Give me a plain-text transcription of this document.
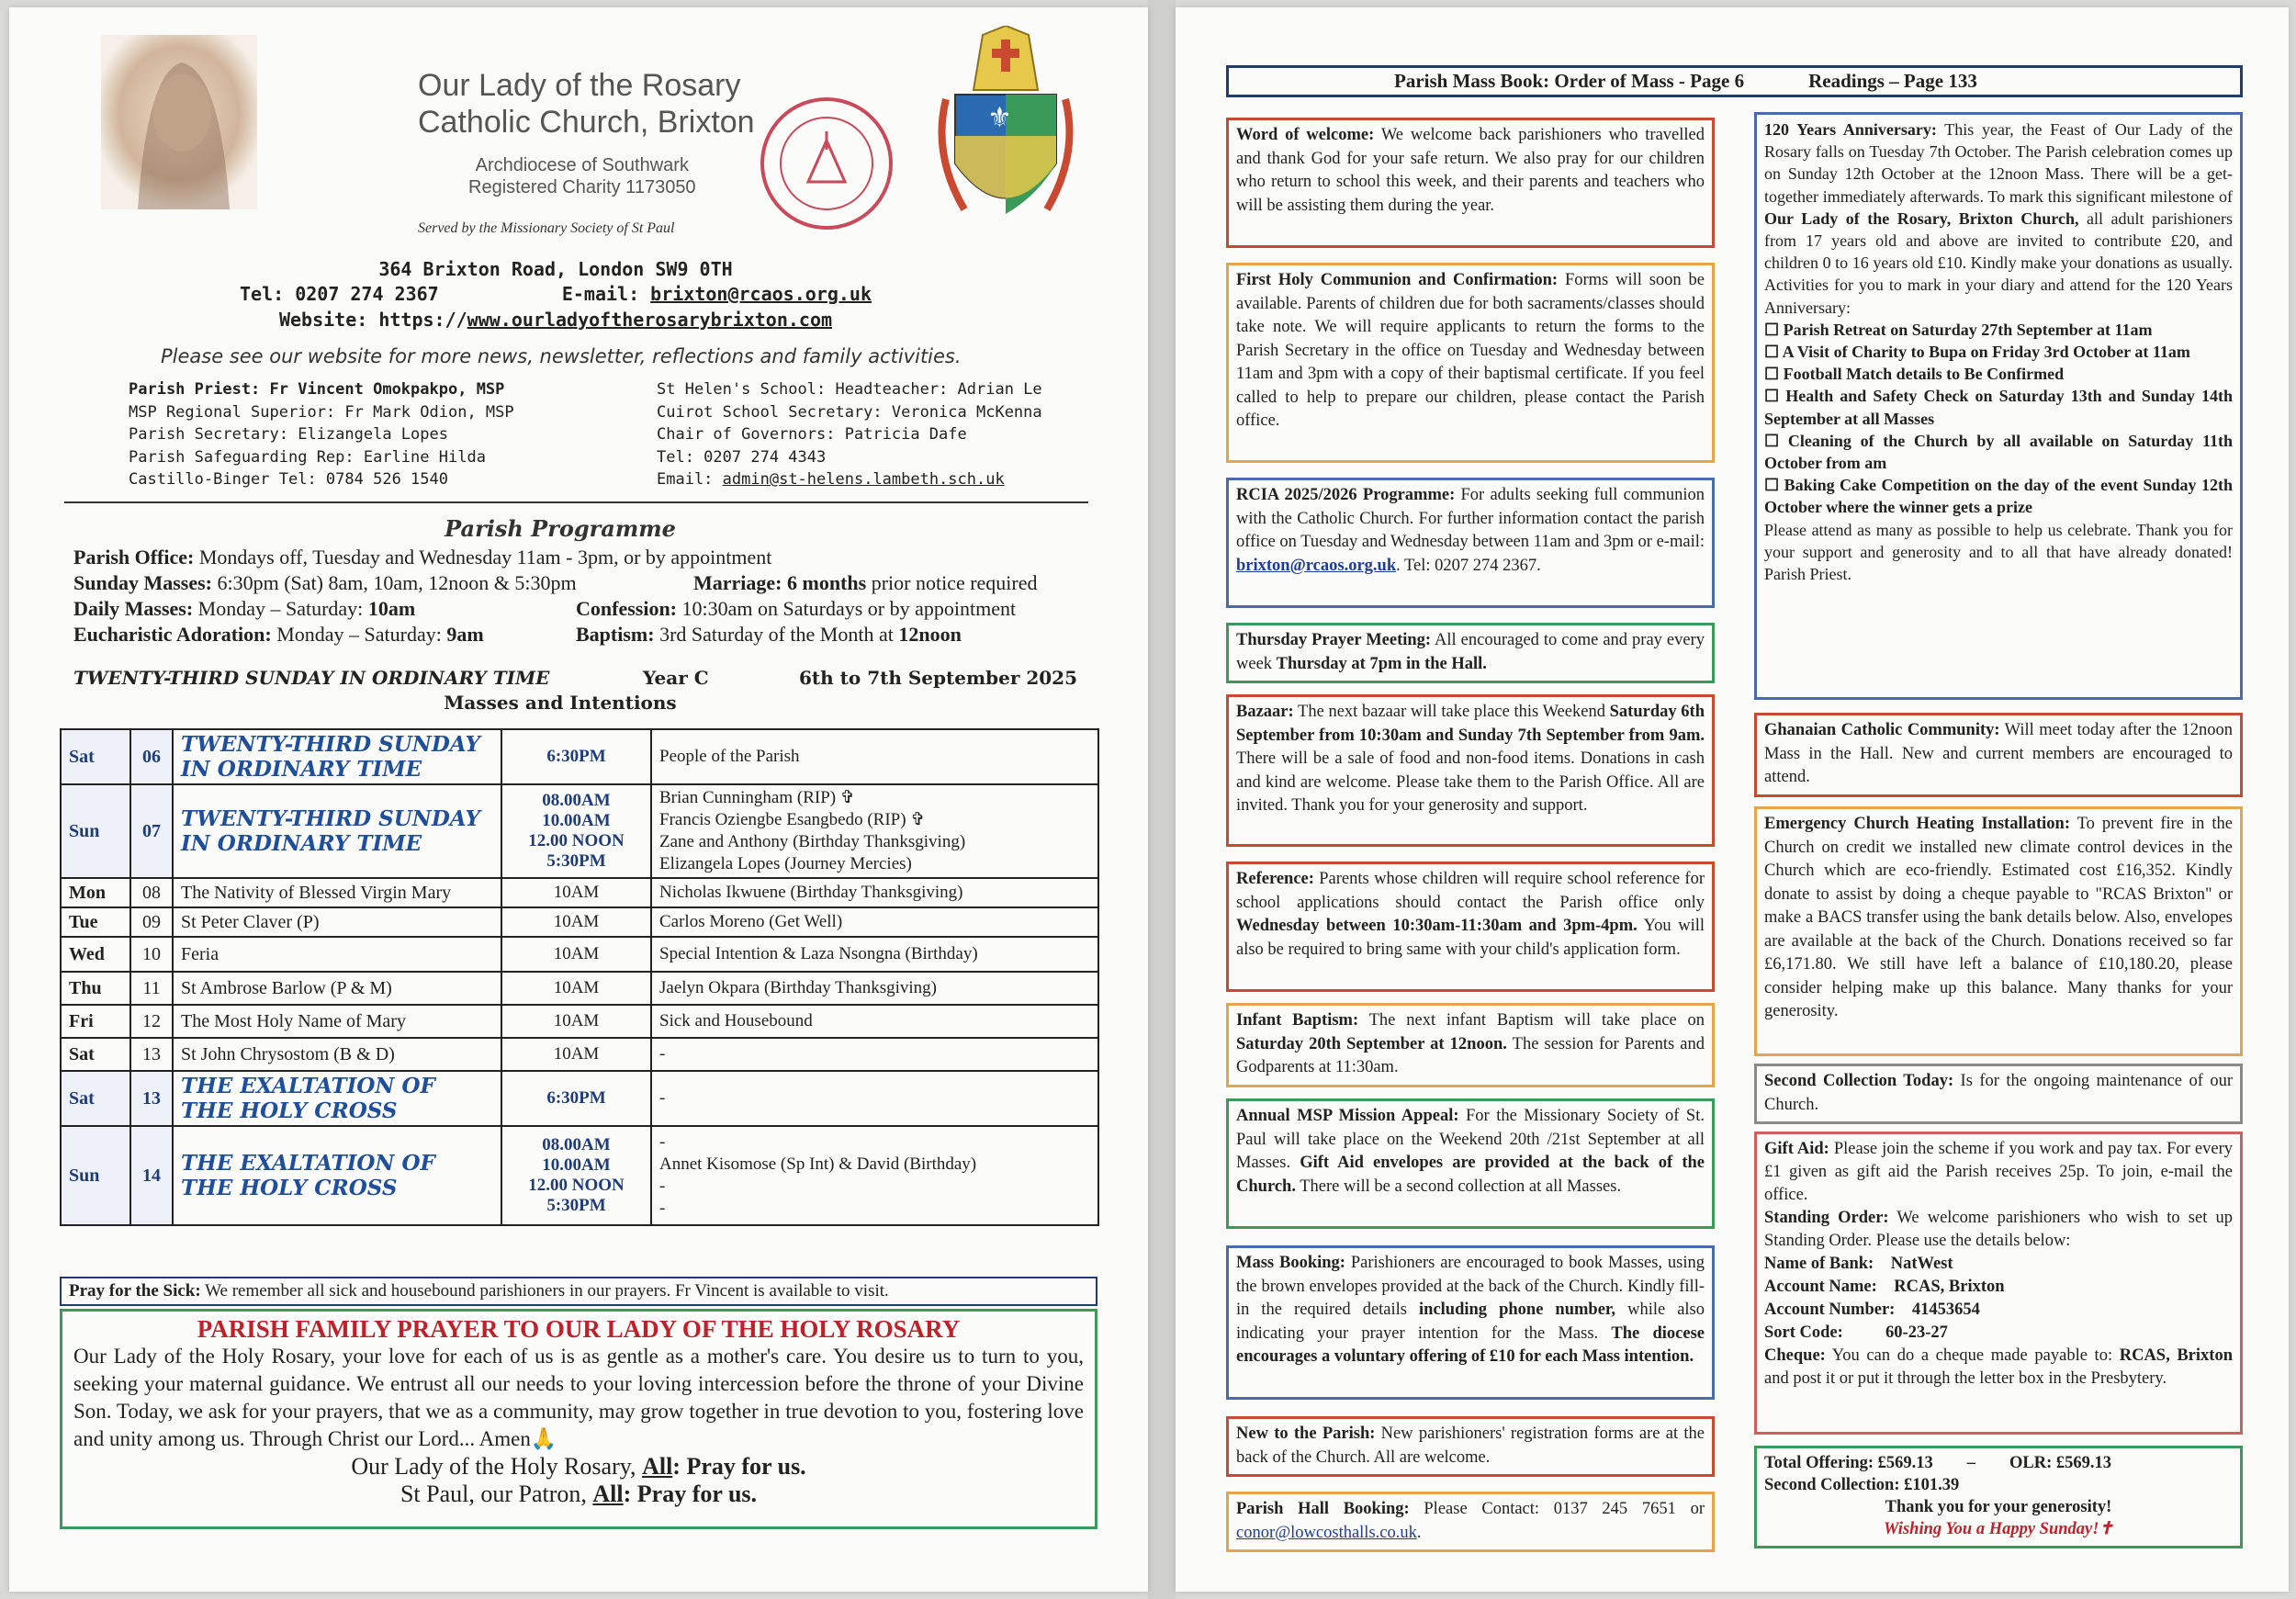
Our Lady of the Rosary
Catholic Church, Brixton
Archdiocese of Southwark
Registered Charity 1173050
Served by the Missionary Society of St Paul
⚜
364 Brixton Road, London SW9 0TH
Tel: 0207 274 2367	E-mail: brixton@rcaos.org.uk
Website: https://www.ourladyoftherosarybrixton.com
Please see our website for more news, newsletter, reflections and family activities.
Parish Priest: Fr Vincent Omokpakpo, MSP
MSP Regional Superior: Fr Mark Odion, MSP
Parish Secretary: Elizangela Lopes
Parish Safeguarding Rep: Earline Hilda
Castillo-Binger Tel: 0784 526 1540
St Helen's School: Headteacher: Adrian Le
Cuirot School Secretary: Veronica McKenna
Chair of Governors: Patricia Dafe
Tel: 0207 274 4343
Email: admin@st-helens.lambeth.sch.uk
Parish Programme
Parish Office: Mondays off, Tuesday and Wednesday 11am - 3pm, or by appointment
Sunday Masses: 6:30pm (Sat) 8am, 10am, 12noon & 5:30pm	Marriage: 6 months prior notice required
Daily Masses: Monday – Saturday: 10am	Confession: 10:30am on Saturdays or by appointment
Eucharistic Adoration: Monday – Saturday: 9am	Baptism: 3rd Saturday of the Month at 12noon
TWENTY-THIRD SUNDAY IN ORDINARY TIME	Year C	6th to 7th September 2025
Masses and Intentions
Sat	06	TWENTY-THIRD SUNDAY IN ORDINARY TIME	6:30PM	People of the Parish
Sun	07	TWENTY-THIRD SUNDAY IN ORDINARY TIME	08.00AM
10.00AM
12.00 NOON
5:30PM	Brian Cunningham (RIP) ✞
Francis Oziengbe Esangbedo (RIP) ✞
Zane and Anthony (Birthday Thanksgiving)
Elizangela Lopes (Journey Mercies)

Mon	08	The Nativity of Blessed Virgin Mary	10AM	Nicholas Ikwuene (Birthday Thanksgiving)
Tue	09	St Peter Claver (P)	10AM	Carlos Moreno (Get Well)
Wed	10	Feria	10AM	Special Intention & Laza Nsongna (Birthday)
Thu	11	St Ambrose Barlow (P & M)	10AM	Jaelyn Okpara (Birthday Thanksgiving)
Fri	12	The Most Holy Name of Mary	10AM	Sick and Housebound
Sat	13	St John Chrysostom (B & D)	10AM	-
Sat	13	THE EXALTATION OF THE HOLY CROSS	6:30PM	-
Sun	14	THE EXALTATION OF THE HOLY CROSS	08.00AM
10.00AM
12.00 NOON
5:30PM	-
Annet Kisomose (Sp Int) & David (Birthday)
-
-
Pray for the Sick: We remember all sick and housebound parishioners in our prayers. Fr Vincent is available to visit.
PARISH FAMILY PRAYER TO OUR LADY OF THE HOLY ROSARY
Our Lady of the Holy Rosary, your love for each of us is as gentle as a mother's care. You desire us to turn to you, seeking your maternal guidance. We entrust all our needs to your loving intercession before the throne of your Divine Son. Today, we ask for your prayers, that we as a community, may grow together in true devotion to you, fostering love and unity among us. Through Christ our Lord... Amen🙏
Our Lady of the Holy Rosary, All: Pray for us.
St Paul, our Patron, All: Pray for us.
Parish Mass Book: Order of Mass - Page 6	Readings – Page 133
Word of welcome: We welcome back parishioners who travelled and thank God for your safe return. We also pray for our children who return to school this week, and their parents and teachers who will be assisting them during the year.
First Holy Communion and Confirmation: Forms will soon be available. Parents of children due for both sacraments/classes should take note. We will require applicants to return the forms to the Parish Secretary in the office on Tuesday and Wednesday between 11am and 3pm with a copy of their baptismal certificate. If you feel called to help to prepare our children, please contact the Parish office.
RCIA 2025/2026 Programme: For adults seeking full communion with the Catholic Church. For further information contact the parish office on Tuesday and Wednesday between 11am and 3pm or e-mail: brixton@rcaos.org.uk. Tel: 0207 274 2367.
Thursday Prayer Meeting: All encouraged to come and pray every week Thursday at 7pm in the Hall.
Bazaar: The next bazaar will take place this Weekend Saturday 6th September from 10:30am and Sunday 7th September from 9am. There will be a sale of food and non-food items. Donations in cash and kind are welcome. Please take them to the Parish Office. All are invited. Thank you for your generosity and support.
Reference: Parents whose children will require school reference for school applications should contact the Parish office only Wednesday between 10:30am-11:30am and 3pm-4pm. You will also be required to bring same with your child's application form.
Infant Baptism: The next infant Baptism will take place on Saturday 20th September at 12noon. The session for Parents and Godparents at 11:30am.
Annual MSP Mission Appeal: For the Missionary Society of St. Paul will take place on the Weekend 20th /21st September at all Masses. Gift Aid envelopes are provided at the back of the Church. There will be a second collection at all Masses.
Mass Booking: Parishioners are encouraged to book Masses, using the brown envelopes provided at the back of the Church. Kindly fill-in the required details including phone number, while also indicating your prayer intention for the Mass. The diocese encourages a voluntary offering of £10 for each Mass intention.
New to the Parish: New parishioners' registration forms are at the back of the Church. All are welcome.
Parish Hall Booking: Please Contact: 0137 245 7651 or conor@lowcosthalls.co.uk.
120 Years Anniversary: This year, the Feast of Our Lady of the Rosary falls on Tuesday 7th October. The Parish celebration comes up on Sunday 12th October at the 12noon Mass. There will be a get-together immediately afterwards. To mark this significant milestone of Our Lady of the Rosary, Brixton Church, all adult parishioners from 17 years old and above are invited to contribute £20, and children 0 to 16 years old £10. Kindly make your donations as usually. Activities for you to mark in your diary and attend for the 120 Years Anniversary:
☐ Parish Retreat on Saturday 27th September at 11am
☐ A Visit of Charity to Bupa on Friday 3rd October at 11am
☐ Football Match details to Be Confirmed
☐ Health and Safety Check on Saturday 13th and Sunday 14th September at all Masses
☐ Cleaning of the Church by all available on Saturday 11th October from am
☐ Baking Cake Competition on the day of the event Sunday 12th October where the winner gets a prize
Please attend as many as possible to help us celebrate. Thank you for your support and generosity and to all that have already donated! Parish Priest.
Ghanaian Catholic Community: Will meet today after the 12noon Mass in the Hall. New and current members are encouraged to attend.
Emergency Church Heating Installation: To prevent fire in the Church on credit we installed new climate control devices in the Church which are eco-friendly. Estimated cost £16,352. Kindly donate to assist by doing a cheque payable to "RCAS Brixton" or make a BACS transfer using the bank details below. Also, envelopes are available at the back of the Church. Donations received so far £6,171.80. We still have left a balance of £10,180.20, please consider helping make up this balance. Many thanks for your generosity.
Second Collection Today: Is for the ongoing maintenance of our Church.
Gift Aid: Please join the scheme if you work and pay tax. For every £1 given as gift aid the Parish receives 25p. To join, e-mail the office.
Standing Order: We welcome parishioners who wish to set up Standing Order. Please use the details below:
Name of Bank:    NatWest
Account Name:    RCAS, Brixton
Account Number:    41453654
Sort Code:          60-23-27
Cheque: You can do a cheque made payable to: RCAS, Brixton and post it or put it through the letter box in the Presbytery.
Total Offering: £569.13        –        OLR: £569.13
Second Collection: £101.39
Thank you for your generosity!
Wishing You a Happy Sunday!✝
